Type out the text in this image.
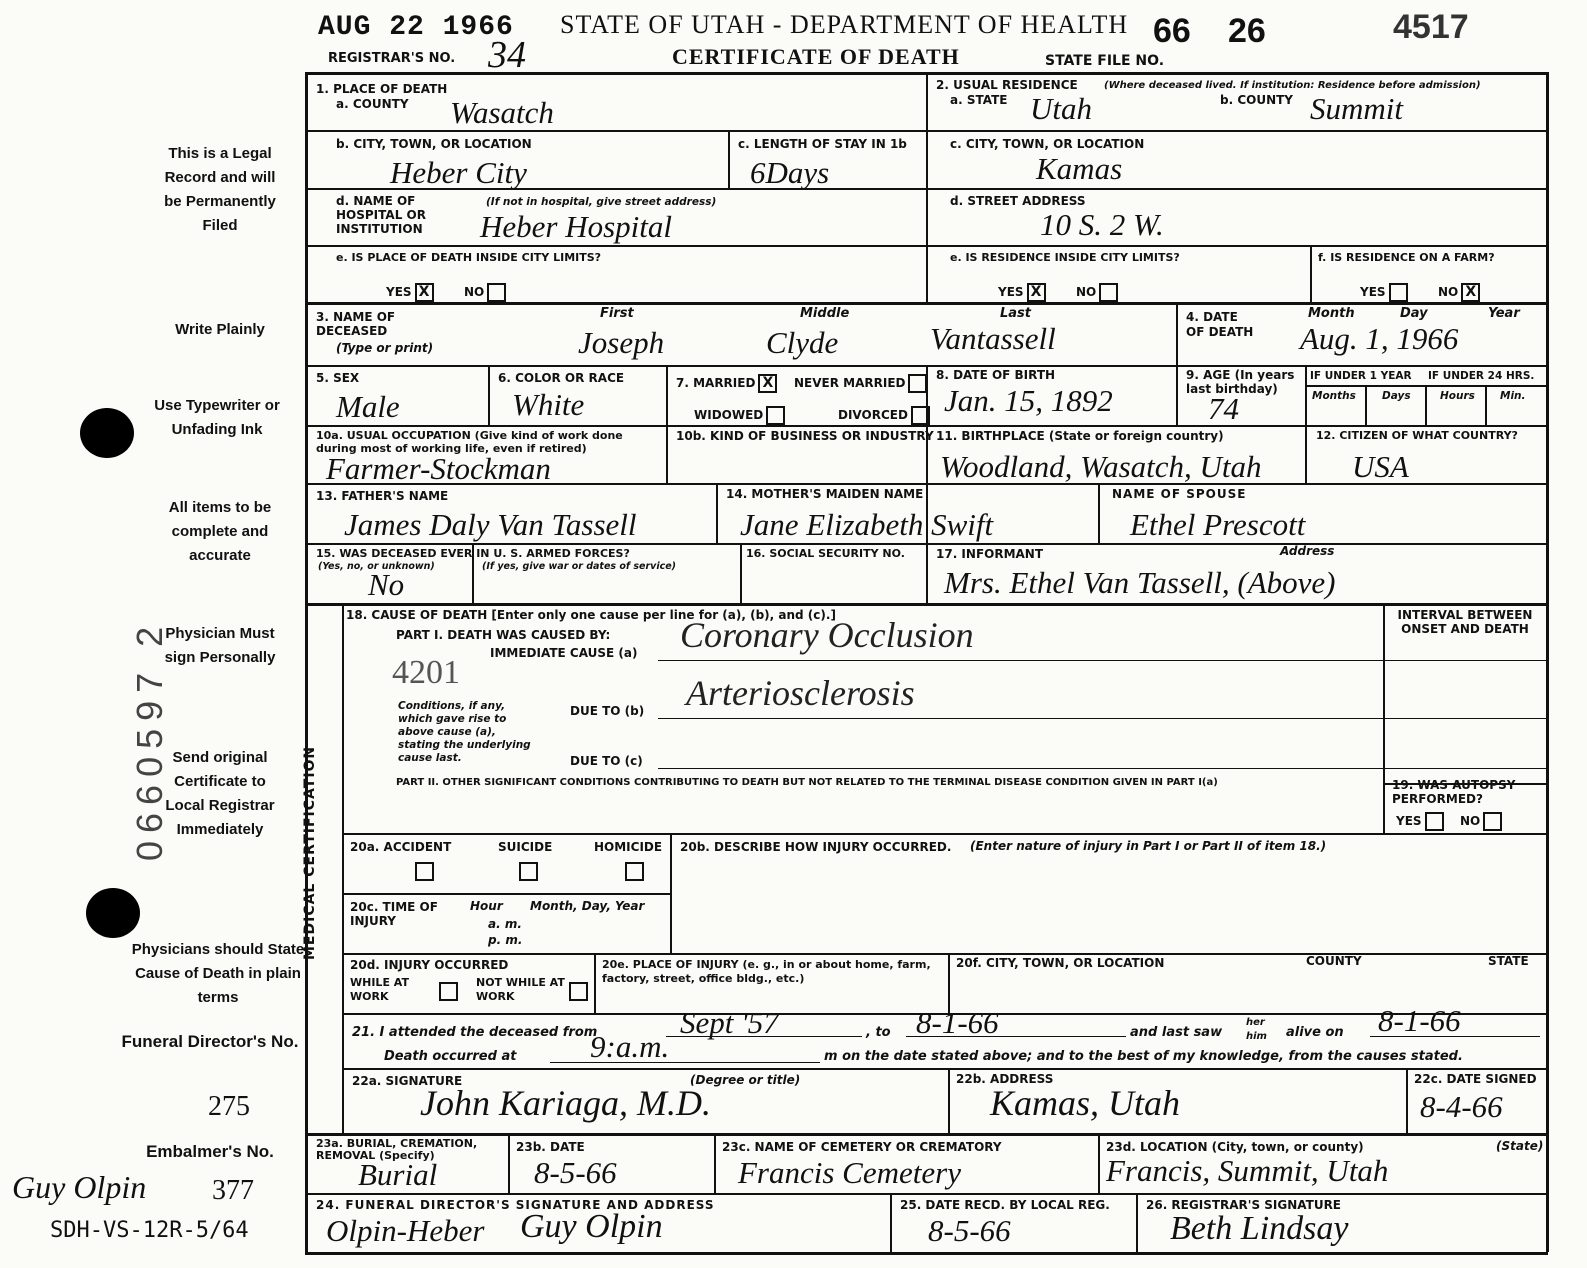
AUG 22 1966 STATE OF UTAH - DEPARTMENT OF HEALTH
CERTIFICATE OF DEATH
REGISTRAR'S NO. 34	STATE FILE NO.
66 26	4517
This is a Legal Record and will be Permanently Filed
Write Plainly
Use Typewriter or Unfading Ink
All items to be complete and accurate
Physician Must sign Personally
Send original Certificate to Local Registrar Immediately
Physicians should State Cause of Death in plain terms
Funeral Director's No.
275
Embalmer's No.
Guy Olpin 377
SDH-VS-12R-5/64
0660597 2	MEDICAL CERTIFICATION
1. PLACE OF DEATH
a. COUNTY Wasatch
2. USUAL RESIDENCE	(Where deceased lived. If institution: Residence before admission)
a. STATE Utah	b. COUNTY Summit
b. CITY, TOWN, OR LOCATION
Heber City
c. LENGTH OF STAY IN 1b
6Days
c. CITY, TOWN, OR LOCATION
Kamas
d. NAME OF HOSPITAL OR INSTITUTION
(If not in hospital, give street address)
Heber Hospital
d. STREET ADDRESS
10 S. 2 W.
e. IS PLACE OF DEATH INSIDE CITY LIMITS?
YES X	NO
e. IS RESIDENCE INSIDE CITY LIMITS?
YES X	NO
f. IS RESIDENCE ON A FARM?
YES	NO X
3. NAME OF DECEASED
(Type or print)
First	Middle	Last
Joseph	Clyde	Vantassell
4. DATE OF DEATH
Month	Day	Year
Aug. 1, 1966
5. SEX
Male
6. COLOR OR RACE
White
7. MARRIED X	NEVER MARRIED
WIDOWED	DIVORCED
8. DATE OF BIRTH
Jan. 15, 1892
9. AGE (In years last birthday)
74
IF UNDER 1 YEAR IF UNDER 24 HRS.
Months Days	Hours Min.
10a. USUAL OCCUPATION (Give kind of work done during most of working life, even if retired)
Farmer-Stockman
10b. KIND OF BUSINESS OR INDUSTRY 11. BIRTHPLACE (State or foreign country)
Woodland, Wasatch, Utah
12. CITIZEN OF WHAT COUNTRY?
USA
13. FATHER'S NAME
James Daly Van Tassell
14. MOTHER'S MAIDEN NAME
Jane Elizabeth Swift
NAME OF SPOUSE
Ethel Prescott
15. WAS DECEASED EVER IN U. S. ARMED FORCES?
(Yes, no, or unknown)	(If yes, give war or dates of service)
No
16. SOCIAL SECURITY NO.	17. INFORMANT	Address
Mrs. Ethel Van Tassell, (Above)
18. CAUSE OF DEATH [Enter only one cause per line for (a), (b), and (c).]
PART I. DEATH WAS CAUSED BY:
IMMEDIATE CAUSE (a) Coronary Occlusion
4201
Conditions, if any, which gave rise to above cause (a), stating the underlying cause last.
DUE TO (b) Arteriosclerosis
DUE TO (c)
INTERVAL BETWEEN ONSET AND DEATH
PART II. OTHER SIGNIFICANT CONDITIONS CONTRIBUTING TO DEATH BUT NOT RELATED TO THE TERMINAL DISEASE CONDITION GIVEN IN PART I(a)	19. WAS AUTOPSY PERFORMED?
YES	NO
20a. ACCIDENT	SUICIDE	HOMICIDE 20b. DESCRIBE HOW INJURY OCCURRED. (Enter nature of injury in Part I or Part II of item 18.)
20c. TIME OF INJURY
Hour
a. m.
p. m.
Month, Day, Year
20d. INJURY OCCURRED
WHILE AT WORK
NOT WHILE AT WORK
20e. PLACE OF INJURY (e. g., in or about home, farm, factory, street, office bldg., etc.)
20f. CITY, TOWN, OR LOCATION	COUNTY	STATE
21. I attended the deceased from	Sept '57	, to 8-1-66	and last saw
her
him alive on 8-1-66
Death occurred at 9:a.m.	m on the date stated above; and to the best of my knowledge, from the causes stated.
22a. SIGNATURE	(Degree or title)
John Kariaga, M.D.
22b. ADDRESS
Kamas, Utah
22c. DATE SIGNED
8-4-66
23a. BURIAL, CREMATION, REMOVAL (Specify)
Burial
23b. DATE
8-5-66
23c. NAME OF CEMETERY OR CREMATORY
Francis Cemetery
23d. LOCATION (City, town, or county)	(State)
Francis, Summit, Utah
24. FUNERAL DIRECTOR'S SIGNATURE AND ADDRESS
Olpin-Heber Guy Olpin
25. DATE RECD. BY LOCAL REG.
8-5-66
26. REGISTRAR'S SIGNATURE
Beth Lindsay
